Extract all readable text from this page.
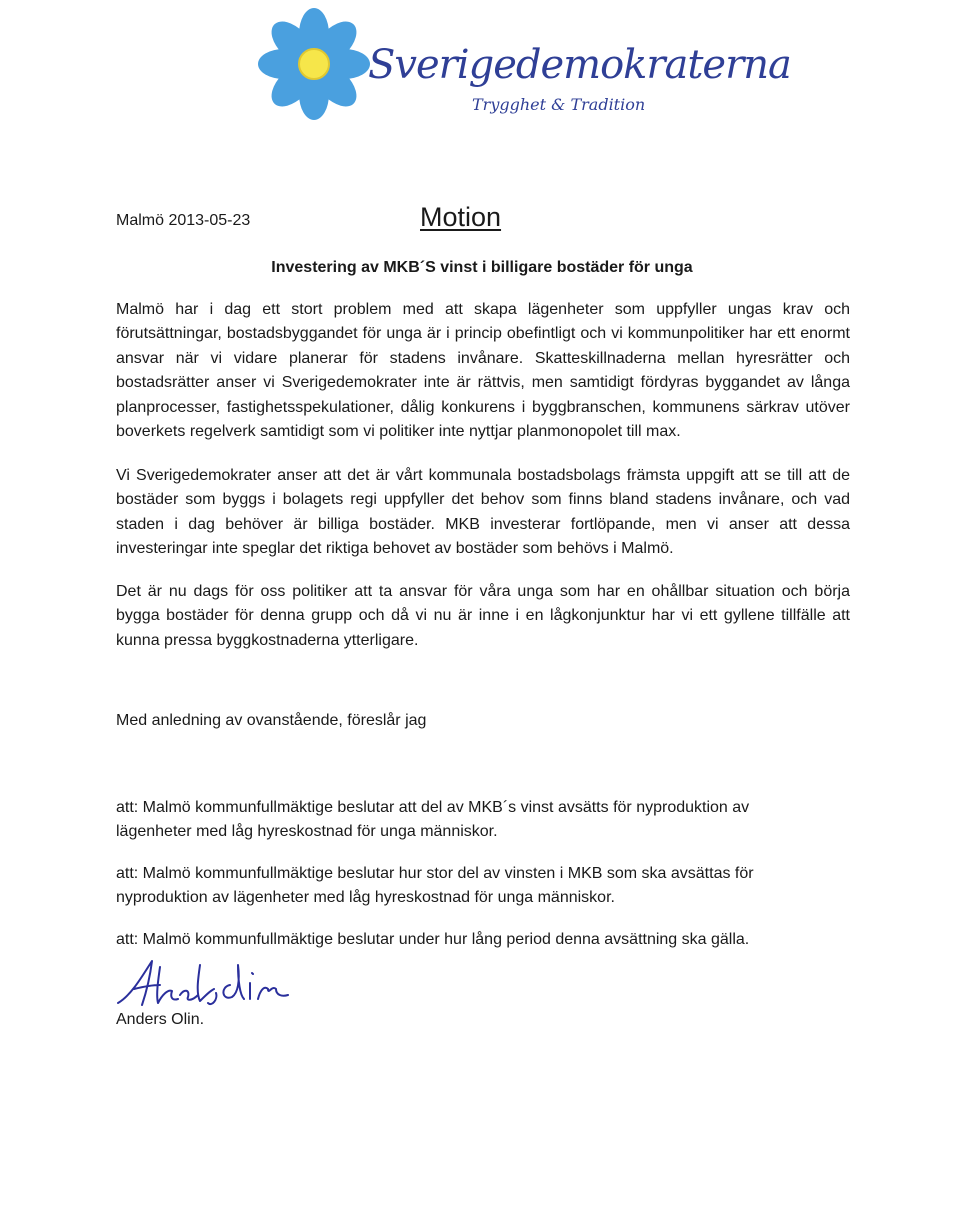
Sverigedemokraterna
Trygghet & Tradition
Malmö 2013-05-23	Motion
Investering av MKB´S vinst i billigare bostäder för unga

Malmö har i dag ett stort problem med att skapa lägenheter som uppfyller ungas krav och förutsättningar, bostadsbyggandet för unga är i princip obefintligt och vi kommunpolitiker har ett enormt ansvar när vi vidare planerar för stadens invånare. Skatteskillnaderna mellan hyresrätter och bostadsrätter anser vi Sverigedemokrater inte är rättvis, men samtidigt fördyras byggandet av långa planprocesser, fastighetsspekulationer, dålig konkurens i byggbranschen, kommunens särkrav utöver boverkets regelverk samtidigt som vi politiker inte nyttjar planmonopolet till max.

Vi Sverigedemokrater anser att det är vårt kommunala bostadsbolags främsta uppgift att se till att de bostäder som byggs i bolagets regi uppfyller det behov som finns bland stadens invånare, och vad staden i dag behöver är billiga bostäder. MKB investerar fortlöpande, men vi anser att dessa investeringar inte speglar det riktiga behovet av bostäder som behövs i Malmö.

Det är nu dags för oss politiker att ta ansvar för våra unga som har en ohållbar situation och börja bygga bostäder för denna grupp och då vi nu är inne i en lågkonjunktur har vi ett gyllene tillfälle att kunna pressa byggkostnaderna ytterligare.

Med anledning av ovanstående, föreslår jag

att: Malmö kommunfullmäktige beslutar att del av MKB´s vinst avsätts för nyproduktion av lägenheter med låg hyreskostnad för unga människor.

att: Malmö kommunfullmäktige beslutar hur stor del av vinsten i MKB som ska avsättas för nyproduktion av lägenheter med låg hyreskostnad för unga människor.

att: Malmö kommunfullmäktige beslutar under hur lång period denna avsättning ska gälla.

Anders Olin.
